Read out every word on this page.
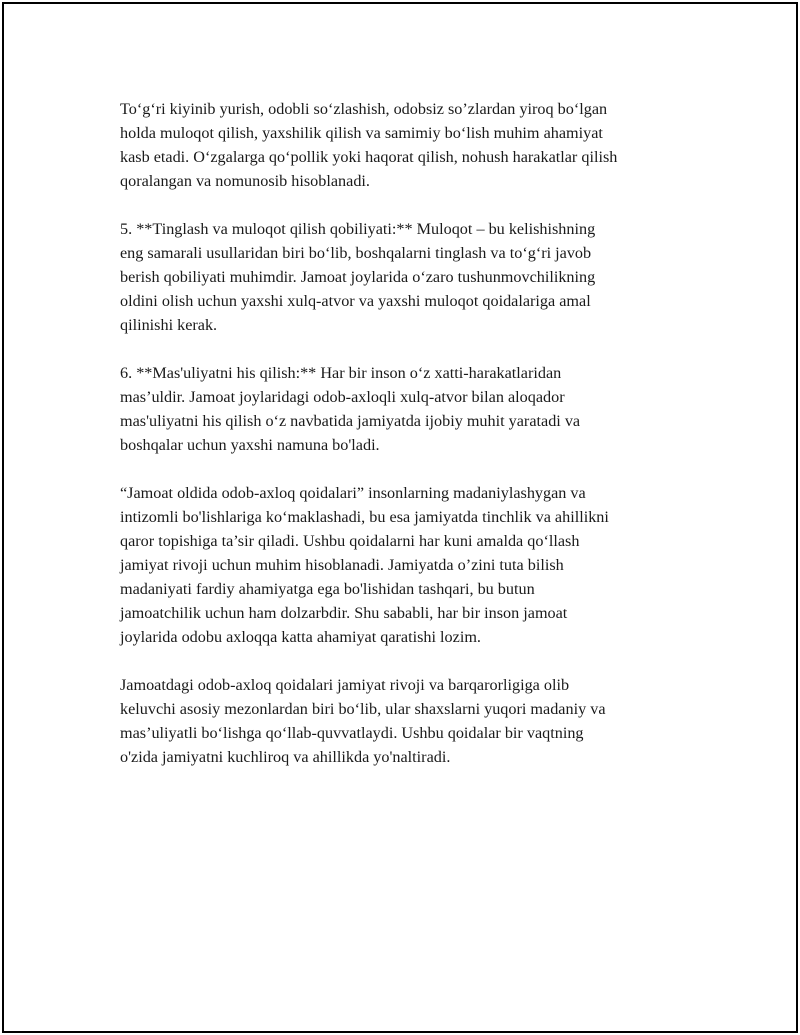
To‘g‘ri kiyinib yurish, odobli so‘zlashish, odobsiz so’zlardan yiroq bo‘lgan
holda muloqot qilish, yaxshilik qilish va samimiy bo‘lish muhim ahamiyat
kasb etadi. O‘zgalarga qo‘pollik yoki haqorat qilish, nohush harakatlar qilish
qoralangan va nomunosib hisoblanadi.

5. **Tinglash va muloqot qilish qobiliyati:** Muloqot – bu kelishishning
eng samarali usullaridan biri bo‘lib, boshqalarni tinglash va to‘g‘ri javob
berish qobiliyati muhimdir. Jamoat joylarida o‘zaro tushunmovchilikning
oldini olish uchun yaxshi xulq-atvor va yaxshi muloqot qoidalariga amal
qilinishi kerak.

6. **Mas'uliyatni his qilish:** Har bir inson o‘z xatti-harakatlaridan
mas’uldir. Jamoat joylaridagi odob-axloqli xulq-atvor bilan aloqador
mas'uliyatni his qilish o‘z navbatida jamiyatda ijobiy muhit yaratadi va
boshqalar uchun yaxshi namuna bo'ladi.

“Jamoat oldida odob-axloq qoidalari” insonlarning madaniylashygan va
intizomli bo'lishlariga ko‘maklashadi, bu esa jamiyatda tinchlik va ahillikni
qaror topishiga ta’sir qiladi. Ushbu qoidalarni har kuni amalda qo‘llash
jamiyat rivoji uchun muhim hisoblanadi. Jamiyatda o’zini tuta bilish
madaniyati fardiy ahamiyatga ega bo'lishidan tashqari, bu butun
jamoatchilik uchun ham dolzarbdir. Shu sababli, har bir inson jamoat
joylarida odobu axloqqa katta ahamiyat qaratishi lozim.

Jamoatdagi odob-axloq qoidalari jamiyat rivoji va barqarorligiga olib
keluvchi asosiy mezonlardan biri bo‘lib, ular shaxslarni yuqori madaniy va
mas’uliyatli bo‘lishga qo‘llab-quvvatlaydi. Ushbu qoidalar bir vaqtning
o'zida jamiyatni kuchliroq va ahillikda yo'naltiradi.
